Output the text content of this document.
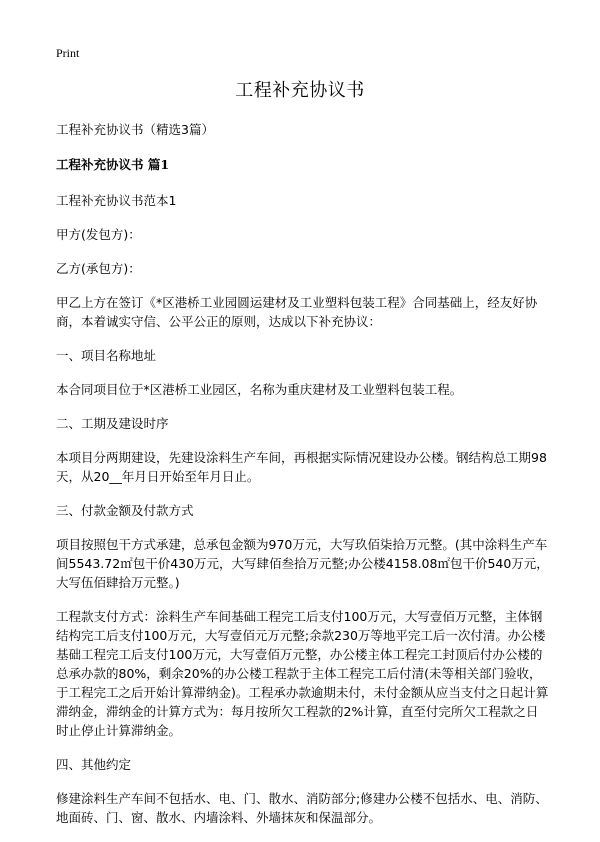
Print
工程补充协议书

工程补充协议书（精选3篇）

工程补充协议书 篇1

工程补充协议书范本1

甲方(发包方)：

乙方(承包方)：

甲乙上方在签订《*区港桥工业园圆运建材及工业塑料包装工程》合同基础上，经友好协商，本着诚实守信、公平公正的原则，达成以下补充协议：

一、项目名称地址

本合同项目位于*区港桥工业园区，名称为重庆建材及工业塑料包装工程。

二、工期及建设时序

本项目分两期建设，先建设涂料生产车间，再根据实际情况建设办公楼。钢结构总工期98天，从20__年月日开始至年月日止。

三、付款金额及付款方式

项目按照包干方式承建，总承包金额为970万元，大写玖佰柒拾万元整。(其中涂料生产车间5543.72㎡包干价430万元，大写肆佰叁拾万元整;办公楼4158.08㎡包干价540万元，大写伍佰肆拾万元整。)

工程款支付方式：涂料生产车间基础工程完工后支付100万元，大写壹佰万元整，主体钢结构完工后支付100万元，大写壹佰元万元整;余款230万等地平完工后一次付清。办公楼基础工程完工后支付100万元，大写壹佰万元整，办公楼主体工程完工封顶后付办公楼的总承办款的80%，剩余20%的办公楼工程款于主体工程完工后付清(未等相关部门验收，于工程完工之后开始计算滞纳金)。工程承办款逾期未付，未付金额从应当支付之日起计算滞纳金，滞纳金的计算方式为：每月按所欠工程款的2%计算，直至付完所欠工程款之日时止停止计算滞纳金。

四、其他约定

修建涂料生产车间不包括水、电、门、散水、消防部分;修建办公楼不包括水、电、消防、地面砖、门、窗、散水、内墙涂料、外墙抹灰和保温部分。
